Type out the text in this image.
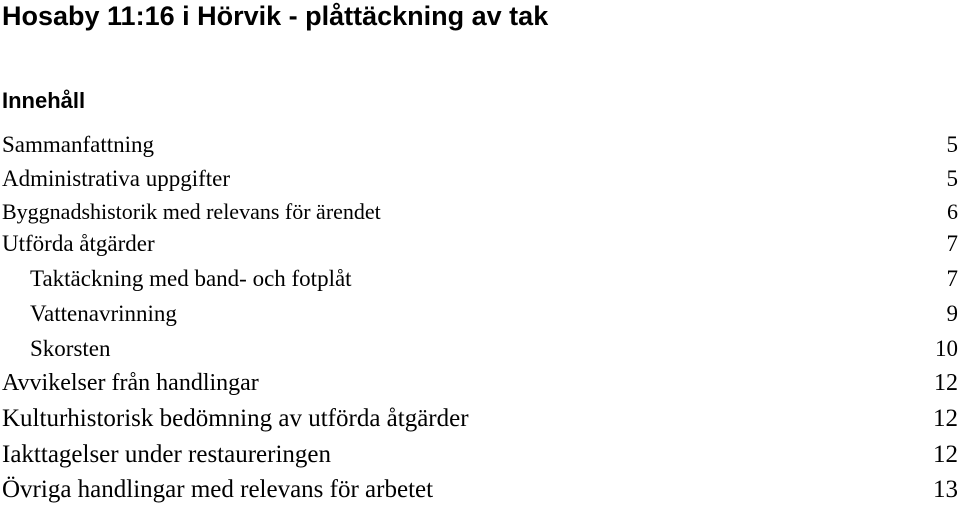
Hosaby 11:16 i Hörvik - plåttäckning av tak
Innehåll
Sammanfattning	5
Administrativa uppgifter	5
Byggnadshistorik med relevans för ärendet	6
Utförda åtgärder	7
Taktäckning med band- och fotplåt	7
Vattenavrinning	9
Skorsten	10
Avvikelser från handlingar	12
Kulturhistorisk bedömning av utförda åtgärder	12
Iakttagelser under restaureringen	12
Övriga handlingar med relevans för arbetet	13
